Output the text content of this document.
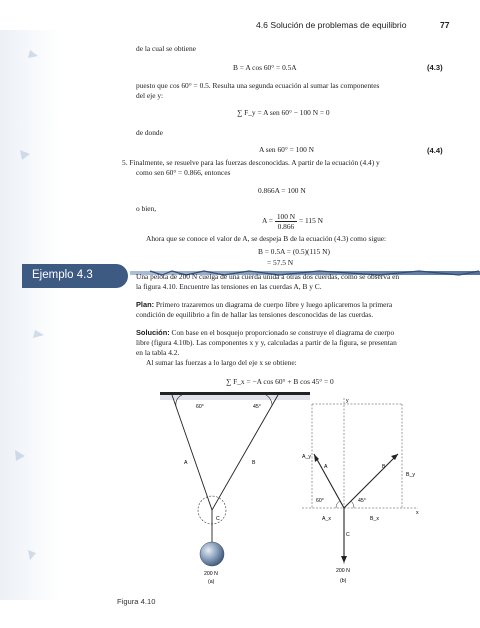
4.6 Solución de problemas de equilibrio	77
de la cual se obtiene
B = A cos 60° = 0.5A	(4.3)
puesto que cos 60° = 0.5. Resulta una segunda ecuación al sumar las componentes
del eje y:
∑ F_y = A sen 60° − 100 N = 0
de donde
A sen 60° = 100 N	(4.4)
5. Finalmente, se resuelve para las fuerzas desconocidas. A partir de la ecuación (4.4) y
como sen 60° = 0.866, entonces
0.866A = 100 N
o bien,
$A = \frac{100 N}{0.866} = 115$ N
Ahora que se conoce el valor de A, se despeja B de la ecuación (4.3) como sigue:
B = 0.5A = (0.5)(115 N)
= 57.5 N
Ejemplo 4.3	Una pelota de 200 N cuelga de una cuerda unida a otras dos cuerdas, como se observa en
la figura 4.10. Encuentre las tensiones en las cuerdas A, B y C.
Plan: Primero trazaremos un diagrama de cuerpo libre y luego aplicaremos la primera
condición de equilibrio a fin de hallar las tensiones desconocidas de las cuerdas.
Solución: Con base en el bosquejo proporcionado se construye el diagrama de cuerpo
libre (figura 4.10b). Las componentes x y y, calculadas a partir de la figura, se presentan
en la tabla 4.2.
Al sumar las fuerzas a lo largo del eje x se obtiene:
∑ F_x = −A cos 60° + B cos 45° = 0
60°	45°
A	B
C
200 N
(a)
y
x
A_y
A_x
B_y
B_x
A	B
C
60°	45°
200 N
(b)
Figura 4.10
